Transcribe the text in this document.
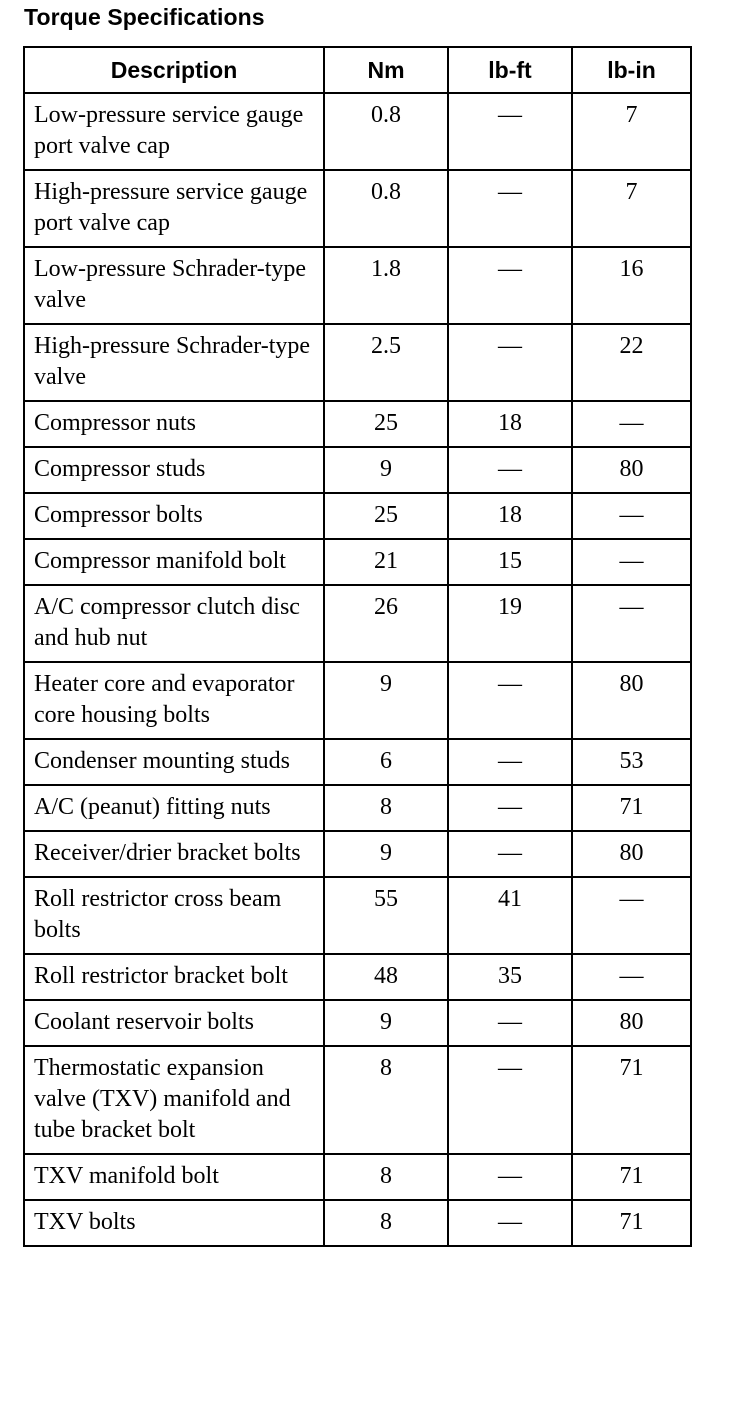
Torque Specifications
Description	Nm	lb-ft	lb-in
Low-pressure service gauge port valve cap	0.8	—	7
High-pressure service gauge port valve cap	0.8	—	7
Low-pressure Schrader-type valve	1.8	—	16
High-pressure Schrader-type valve	2.5	—	22
Compressor nuts	25	18	—
Compressor studs	9	—	80
Compressor bolts	25	18	—
Compressor manifold bolt	21	15	—
A/C compressor clutch disc and hub nut	26	19	—
Heater core and evaporator core housing bolts	9	—	80
Condenser mounting studs	6	—	53
A/C (peanut) fitting nuts	8	—	71
Receiver/drier bracket bolts	9	—	80
Roll restrictor cross beam bolts	55	41	—
Roll restrictor bracket bolt	48	35	—
Coolant reservoir bolts	9	—	80
Thermostatic expansion valve (TXV) manifold and tube bracket bolt	8	—	71
TXV manifold bolt	8	—	71
TXV bolts	8	—	71
